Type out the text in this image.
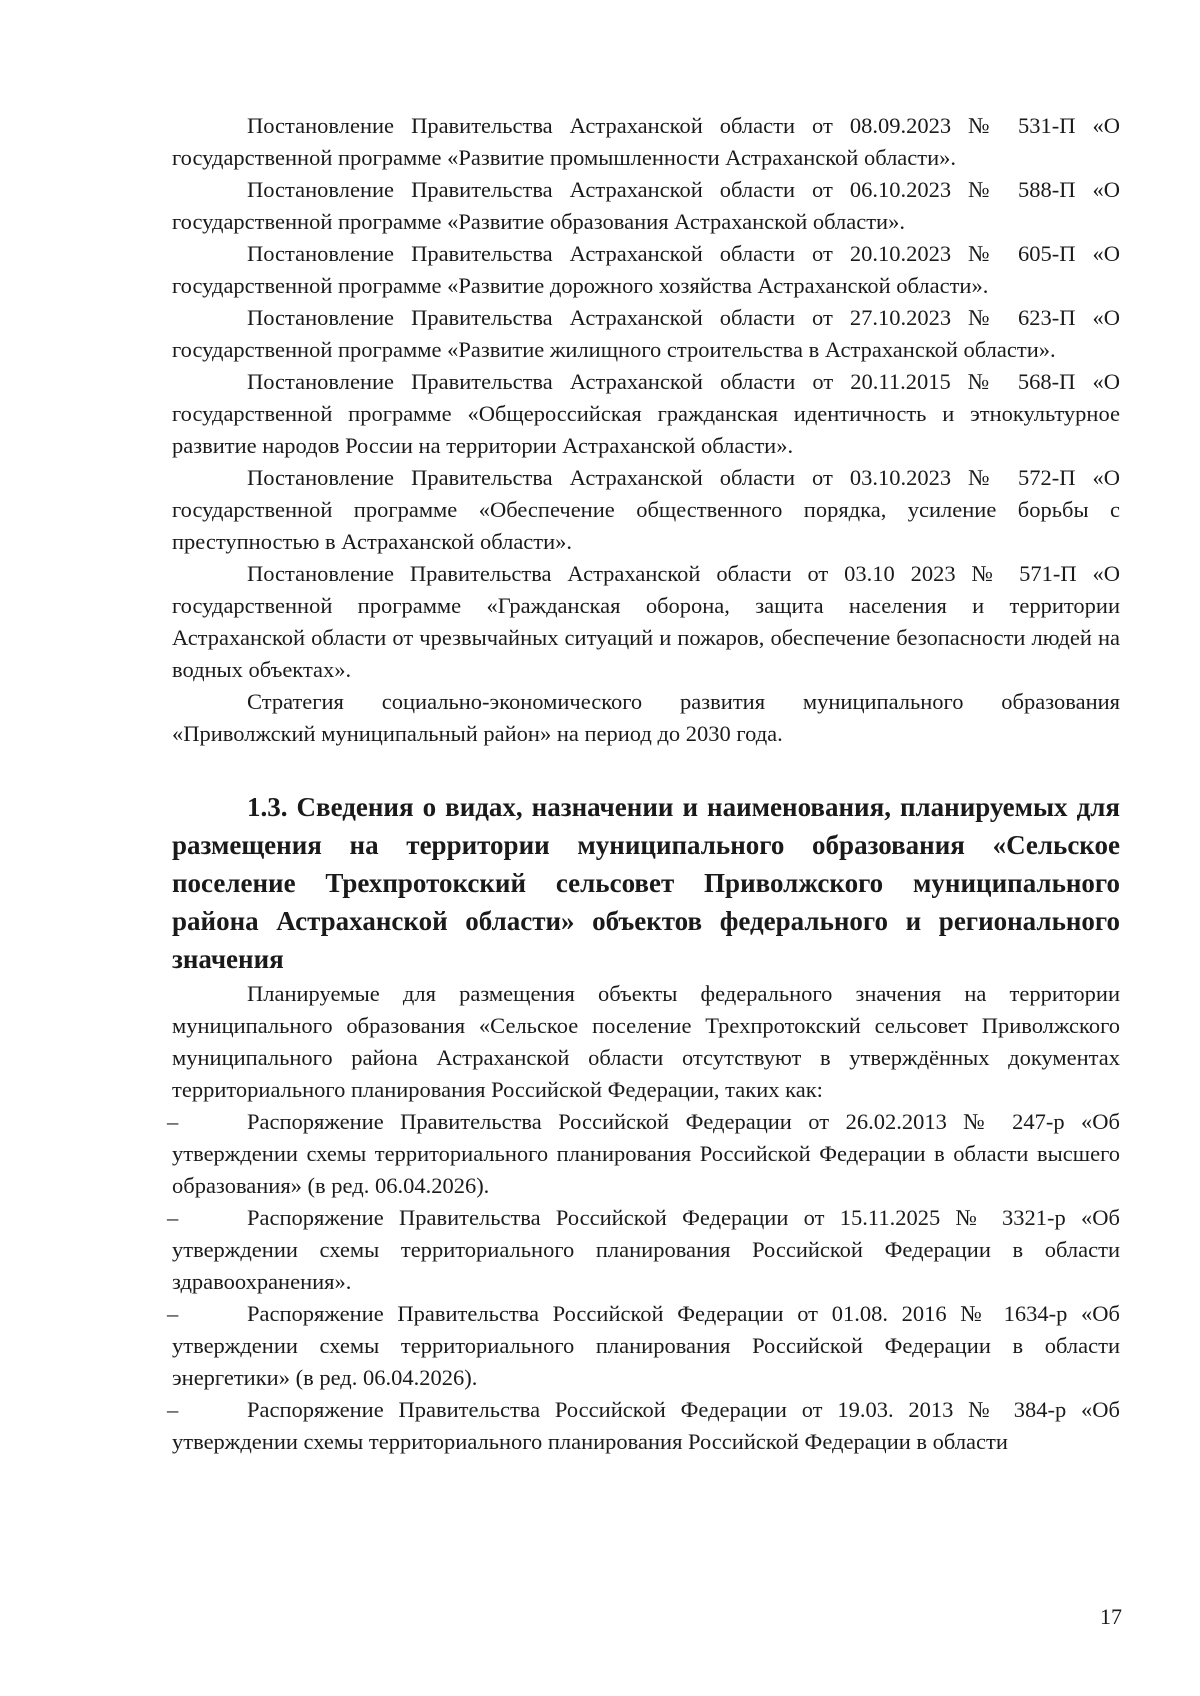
Постановление Правительства Астраханской области от 08.09.2023 № 531-П «О государственной программе «Развитие промышленности Астраханской области».

Постановление Правительства Астраханской области от 06.10.2023 № 588-П «О государственной программе «Развитие образования Астраханской области».

Постановление Правительства Астраханской области от 20.10.2023 № 605-П «О государственной программе «Развитие дорожного хозяйства Астраханской области».

Постановление Правительства Астраханской области от 27.10.2023 № 623-П «О государственной программе «Развитие жилищного строительства в Астраханской области».

Постановление Правительства Астраханской области от 20.11.2015 № 568-П «О государственной программе «Общероссийская гражданская идентичность и этнокультурное развитие народов России на территории Астраханской области».

Постановление Правительства Астраханской области от 03.10.2023 № 572-П «О государственной программе «Обеспечение общественного порядка, усиление борьбы с преступностью в Астраханской области».

Постановление Правительства Астраханской области от 03.10 2023 № 571-П «О государственной программе «Гражданская оборона, защита населения и территории Астраханской области от чрезвычайных ситуаций и пожаров, обеспечение безопасности людей на водных объектах».

Стратегия социально-экономического развития муниципального образования «Приволжский муниципальный район» на период до 2030 года.

1.3. Сведения о видах, назначении и наименования, планируемых для размещения на территории муниципального образования «Сельское поселение Трехпротокский сельсовет Приволжского муниципального района Астраханской области» объектов федерального и регионального значения

Планируемые для размещения объекты федерального значения на территории муниципального образования «Сельское поселение Трехпротокский сельсовет Приволжского муниципального района Астраханской области отсутствуют в утверждённых документах территориального планирования Российской Федерации, таких как:

–	Распоряжение Правительства Российской Федерации от 26.02.2013 № 247-р «Об утверждении схемы территориального планирования Российской Федерации в области высшего образования» (в ред. 06.04.2026).

–	Распоряжение Правительства Российской Федерации от 15.11.2025 № 3321-р «Об утверждении схемы территориального планирования Российской Федерации в области здравоохранения».

–	Распоряжение Правительства Российской Федерации от 01.08. 2016 № 1634-р «Об утверждении схемы территориального планирования Российской Федерации в области энергетики» (в ред. 06.04.2026).

–	Распоряжение Правительства Российской Федерации от 19.03. 2013 № 384-р «Об утверждении схемы территориального планирования Российской Федерации в области

17
